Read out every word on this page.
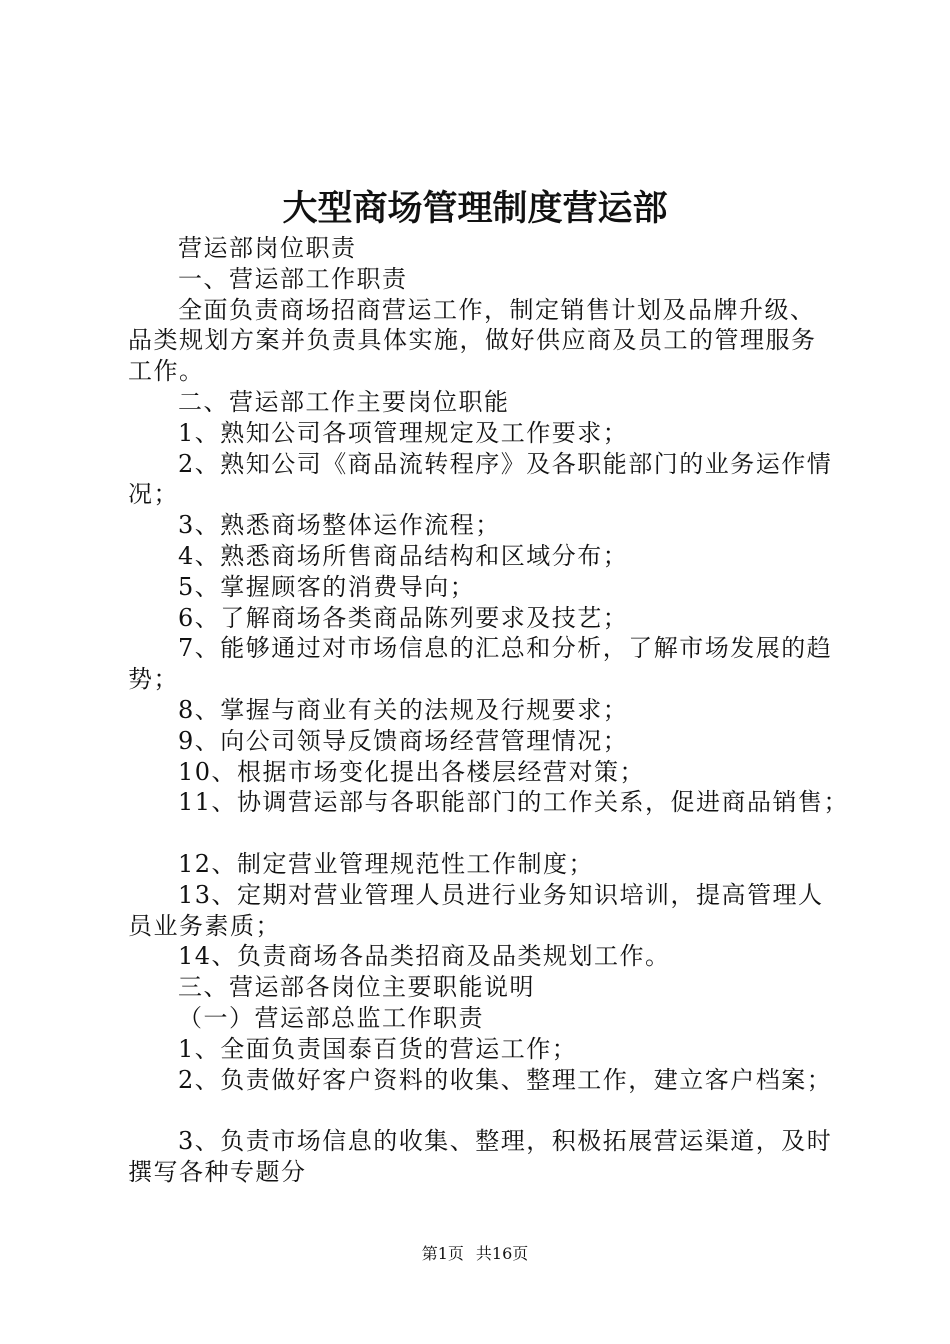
大型商场管理制度营运部
营运部岗位职责
一、营运部工作职责
全面负责商场招商营运工作，制定销售计划及品牌升级、
品类规划方案并负责具体实施，做好供应商及员工的管理服务
工作。
二、营运部工作主要岗位职能
1、熟知公司各项管理规定及工作要求；
2、熟知公司《商品流转程序》及各职能部门的业务运作情
况；
3、熟悉商场整体运作流程；
4、熟悉商场所售商品结构和区域分布；
5、掌握顾客的消费导向；
6、了解商场各类商品陈列要求及技艺；
7、能够通过对市场信息的汇总和分析，了解市场发展的趋
势；
8、掌握与商业有关的法规及行规要求；
9、向公司领导反馈商场经营管理情况；
10、根据市场变化提出各楼层经营对策；
11、协调营运部与各职能部门的工作关系，促进商品销售；
12、制定营业管理规范性工作制度；
13、定期对营业管理人员进行业务知识培训，提高管理人
员业务素质；
14、负责商场各品类招商及品类规划工作。
三、营运部各岗位主要职能说明
（一）营运部总监工作职责
1、全面负责国泰百货的营运工作；
2、负责做好客户资料的收集、整理工作，建立客户档案；
3、负责市场信息的收集、整理，积极拓展营运渠道，及时
撰写各种专题分
第1页 共16页
